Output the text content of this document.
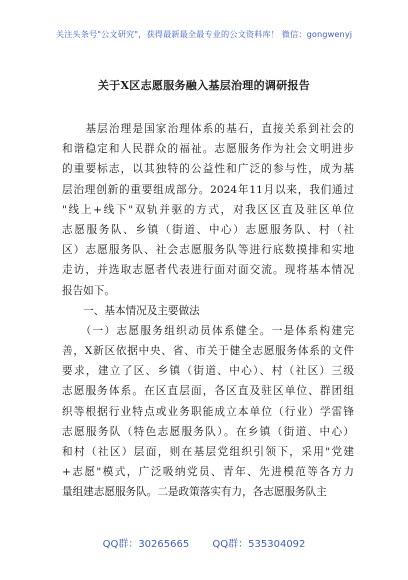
关注头条号"公文研究"，获得最新最全最专业的公文资料库！ 微信：gongwenyj
关于X区志愿服务融入基层治理的调研报告
　　基层治理是国家治理体系的基石，直接关系到社会的
和谐稳定和人民群众的福祉。志愿服务作为社会文明进步
的重要标志，以其独特的公益性和广泛的参与性，成为基
层治理创新的重要组成部分。2024年11月以来，我们通过
"线上+线下"双轨并驱的方式，对我区区直及驻区单位
志愿服务队、乡镇（街道、中心）志愿服务队、村（社
区）志愿服务队、社会志愿服务队等进行底数摸排和实地
走访，并选取志愿者代表进行面对面交流。现将基本情况
报告如下。
　　一、基本情况及主要做法
　　（一）志愿服务组织动员体系健全。一是体系构建完
善，X新区依据中央、省、市关于健全志愿服务体系的文件
要求，建立了区、乡镇（街道、中心）、村（社区）三级
志愿服务体系。在区直层面，各区直及驻区单位、群团组
织等根据行业特点或业务职能成立本单位（行业）学雷锋
志愿服务队（特色志愿服务队）。在乡镇（街道、中心）
和村（社区）层面，则在基层党组织引领下，采用"党建
+志愿"模式，广泛吸纳党员、青年、先进模范等各方力
量组建志愿服务队。二是政策落实有力，各志愿服务队主
QQ群：30265665 QQ群：535304092
